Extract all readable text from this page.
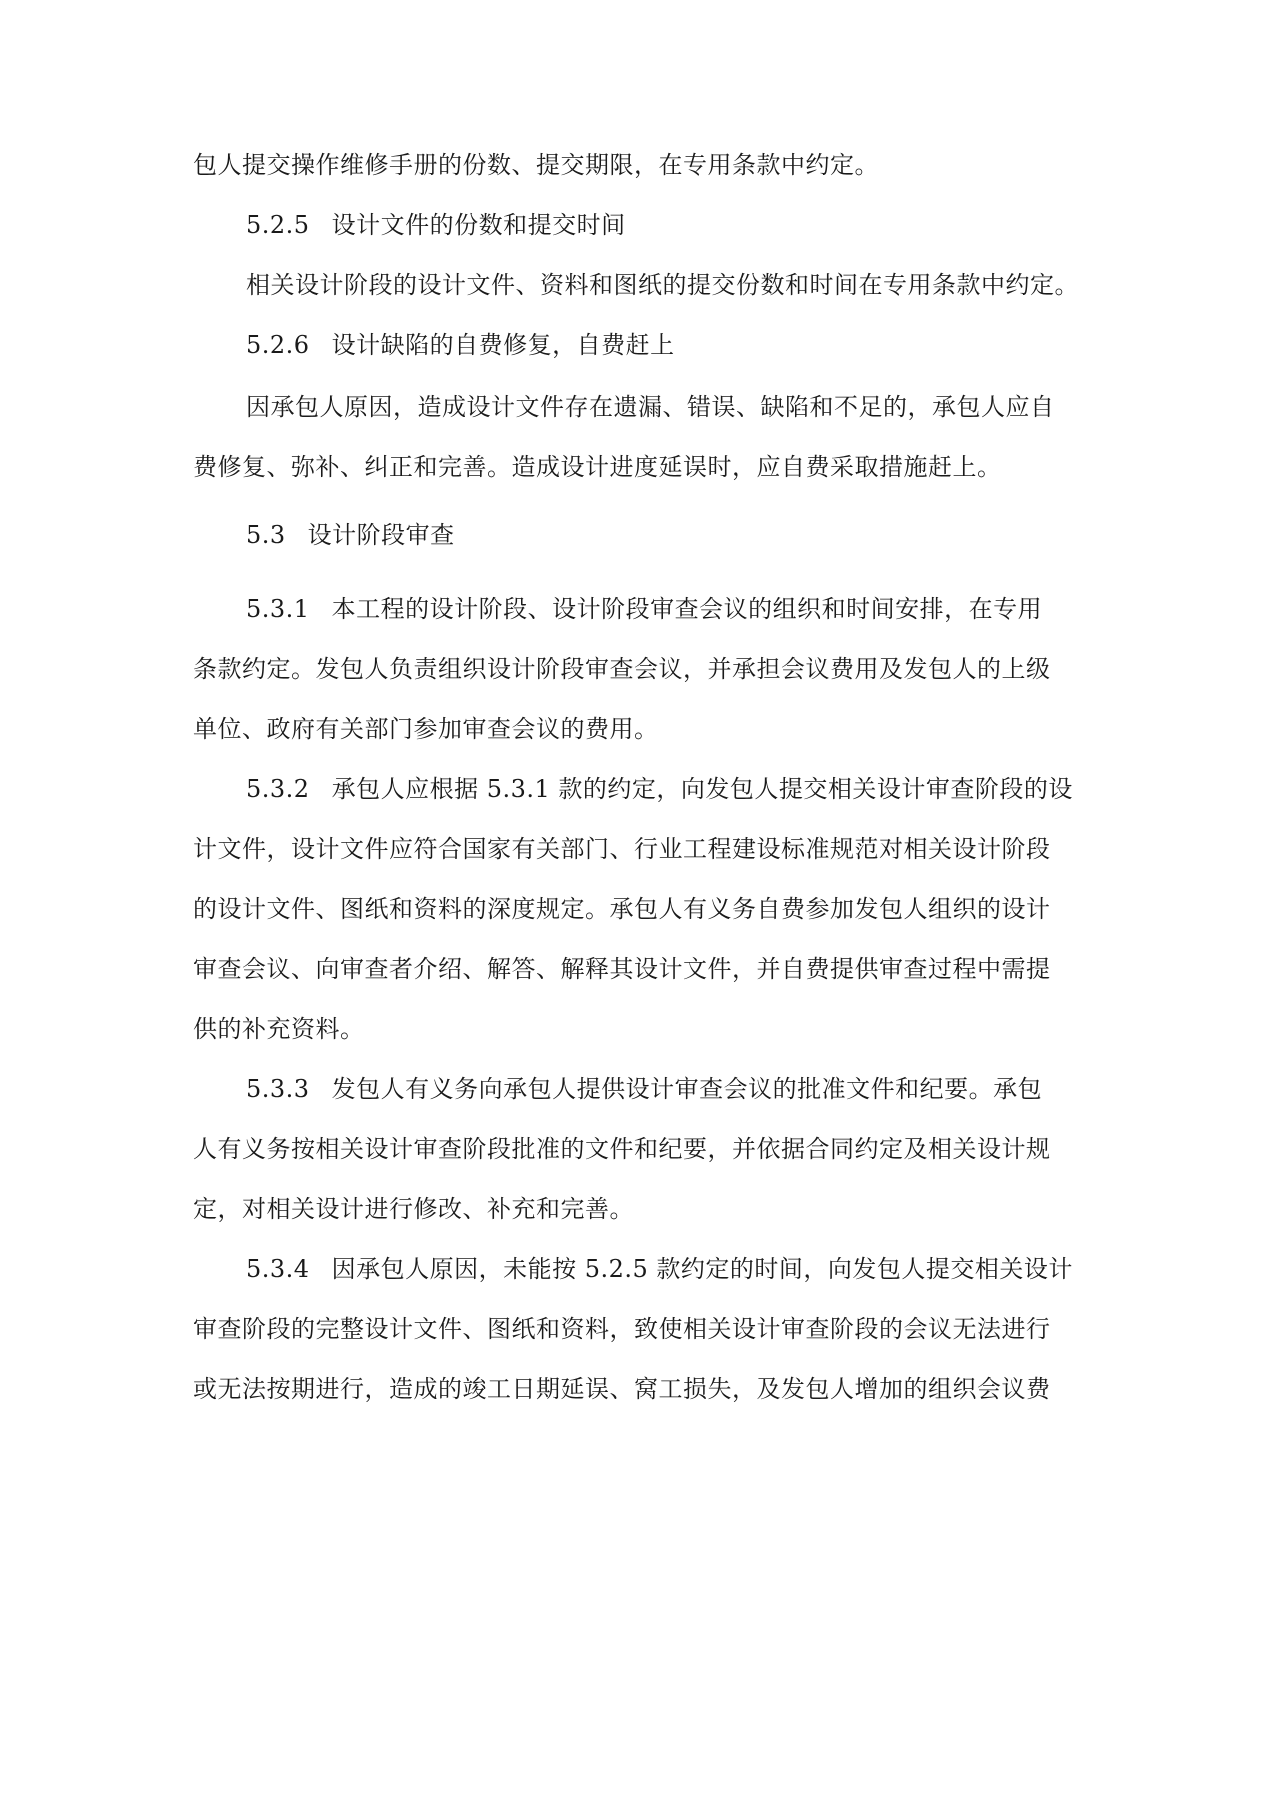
包人提交操作维修手册的份数、提交期限，在专用条款中约定。
5.2.5 设计文件的份数和提交时间
相关设计阶段的设计文件、资料和图纸的提交份数和时间在专用条款中约定。
5.2.6 设计缺陷的自费修复，自费赶上
因承包人原因，造成设计文件存在遗漏、错误、缺陷和不足的，承包人应自
费修复、弥补、纠正和完善。造成设计进度延误时，应自费采取措施赶上。
5.3 设计阶段审查
5.3.1 本工程的设计阶段、设计阶段审查会议的组织和时间安排，在专用
条款约定。发包人负责组织设计阶段审查会议，并承担会议费用及发包人的上级
单位、政府有关部门参加审查会议的费用。
5.3.2 承包人应根据 5.3.1 款的约定，向发包人提交相关设计审查阶段的设
计文件，设计文件应符合国家有关部门、行业工程建设标准规范对相关设计阶段
的设计文件、图纸和资料的深度规定。承包人有义务自费参加发包人组织的设计
审查会议、向审查者介绍、解答、解释其设计文件，并自费提供审查过程中需提
供的补充资料。
5.3.3 发包人有义务向承包人提供设计审查会议的批准文件和纪要。承包
人有义务按相关设计审查阶段批准的文件和纪要，并依据合同约定及相关设计规
定，对相关设计进行修改、补充和完善。
5.3.4 因承包人原因，未能按 5.2.5 款约定的时间，向发包人提交相关设计
审查阶段的完整设计文件、图纸和资料，致使相关设计审查阶段的会议无法进行
或无法按期进行，造成的竣工日期延误、窝工损失，及发包人增加的组织会议费
